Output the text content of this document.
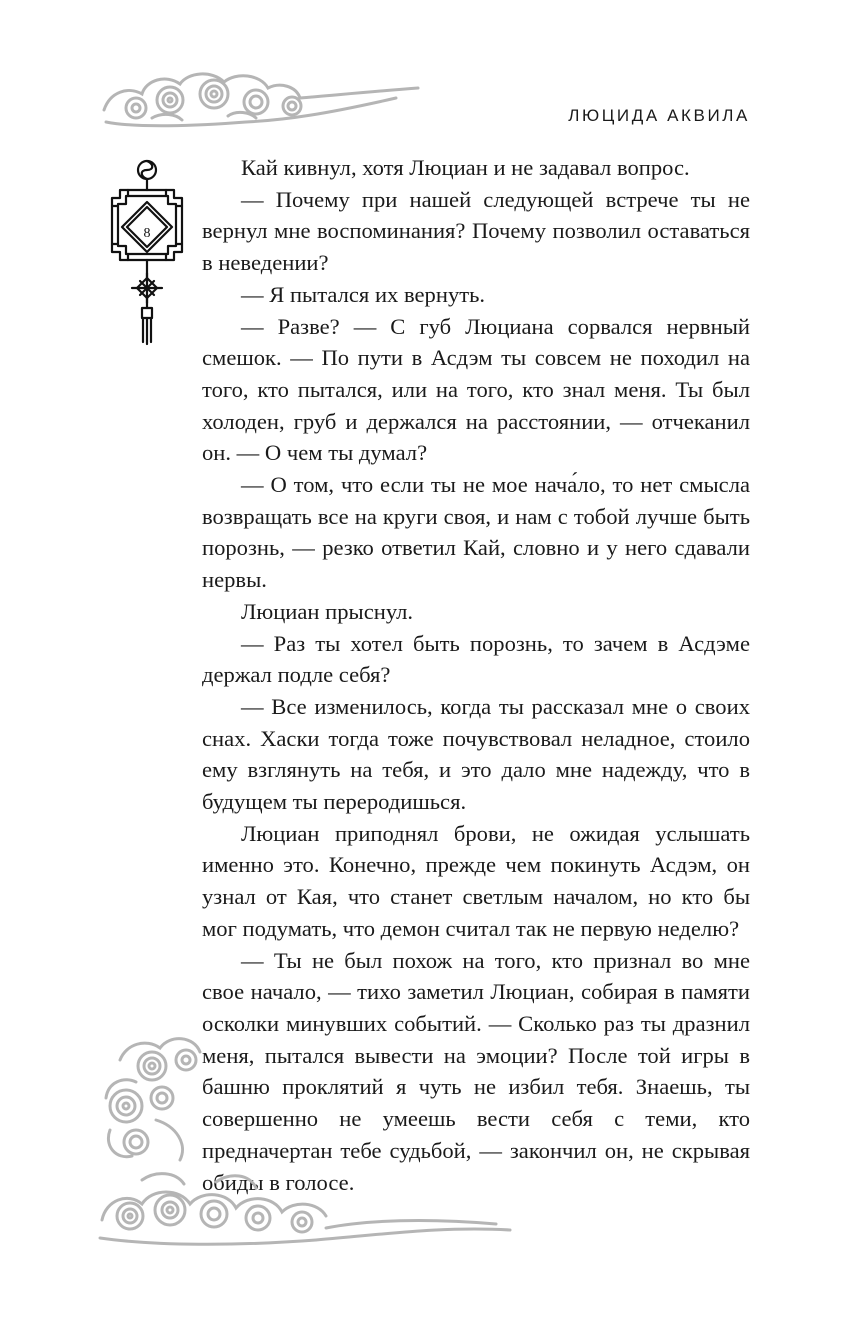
ЛЮЦИДА АКВИЛА
8

Кай кивнул, хотя Люциан и не задавал вопрос.

— Почему при нашей следующей встрече ты не вернул мне воспоминания? Почему позволил оставаться в неведении?

— Я пытался их вернуть.

— Разве? — С губ Люциана сорвался нервный смешок. — По пути в Асдэм ты совсем не походил на того, кто пытался, или на того, кто знал меня. Ты был холоден, груб и держался на расстоянии, — отчеканил он. — О чем ты думал?

— О том, что если ты не мое нача́ло, то нет смысла возвращать все на круги своя, и нам с тобой лучше быть порознь, — резко ответил Кай, словно и у него сдавали нервы.

Люциан прыснул.

— Раз ты хотел быть порознь, то зачем в Асдэме держал подле себя?

— Все изменилось, когда ты рассказал мне о своих снах. Хаски тогда тоже почувствовал неладное, стоило ему взглянуть на тебя, и это дало мне надежду, что в будущем ты переродишься.

Люциан приподнял брови, не ожидая услышать именно это. Конечно, прежде чем покинуть Асдэм, он узнал от Кая, что станет светлым началом, но кто бы мог подумать, что демон считал так не первую неделю?

— Ты не был похож на того, кто признал во мне свое начало, — тихо заметил Люциан, собирая в памяти осколки минувших событий. — Сколько раз ты дразнил меня, пытался вывести на эмоции? После той игры в башню проклятий я чуть не избил тебя. Знаешь, ты совершенно не умеешь вести себя с теми, кто предначертан тебе судьбой, — закончил он, не скрывая обиды в голосе.
